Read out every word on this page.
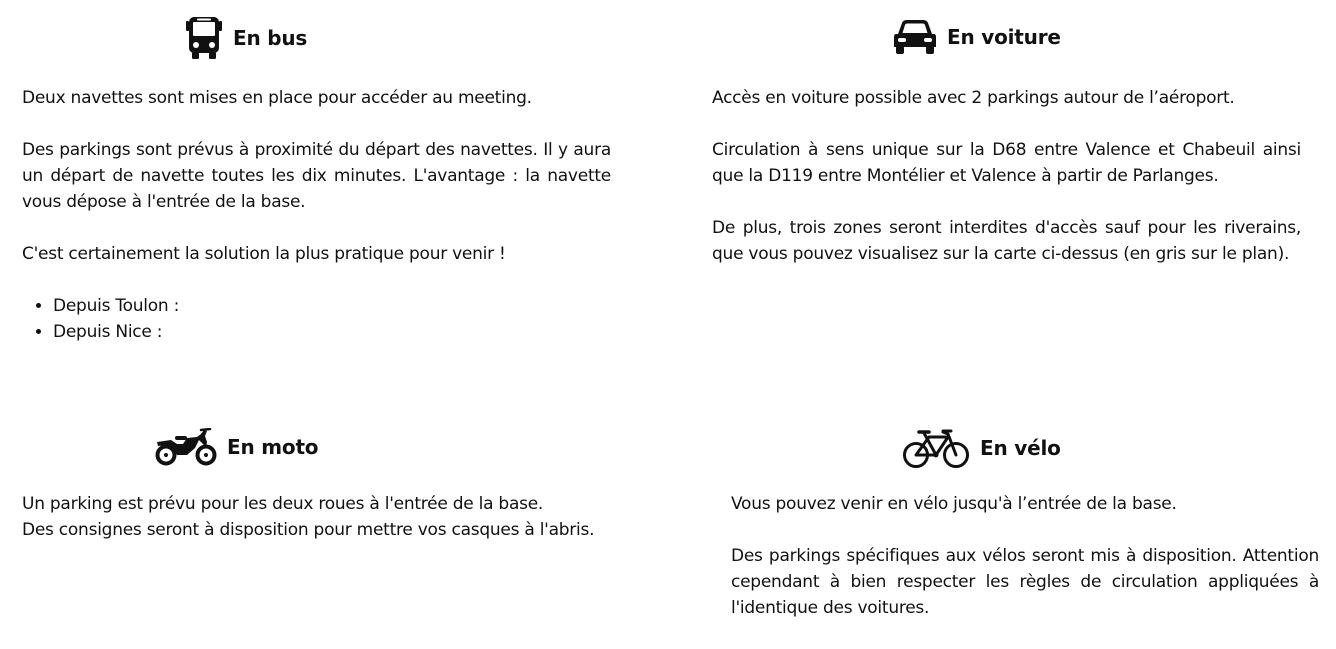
En bus

Deux navettes sont mises en place pour accéder au meeting.

Des parkings sont prévus à proximité du départ des navettes. Il y aura un départ de navette toutes les dix minutes. L'avantage : la navette vous dépose à l'entrée de la base.

C'est certainement la solution la plus pratique pour venir !

• Depuis Toulon :
• Depuis Nice :
En voiture

Accès en voiture possible avec 2 parkings autour de l’aéroport.

Circulation à sens unique sur la D68 entre Valence et Chabeuil ainsi que la D119 entre Montélier et Valence à partir de Parlanges.

De plus, trois zones seront interdites d'accès sauf pour les riverains, que vous pouvez visualisez sur la carte ci-dessus (en gris sur le plan).

En moto

Un parking est prévu pour les deux roues à l'entrée de la base.

Des consignes seront à disposition pour mettre vos casques à l'abris.

En vélo

Vous pouvez venir en vélo jusqu'à l’entrée de la base.

Des parkings spécifiques aux vélos seront mis à disposition. Attention cependant à bien respecter les règles de circulation appliquées à l'identique des voitures.
